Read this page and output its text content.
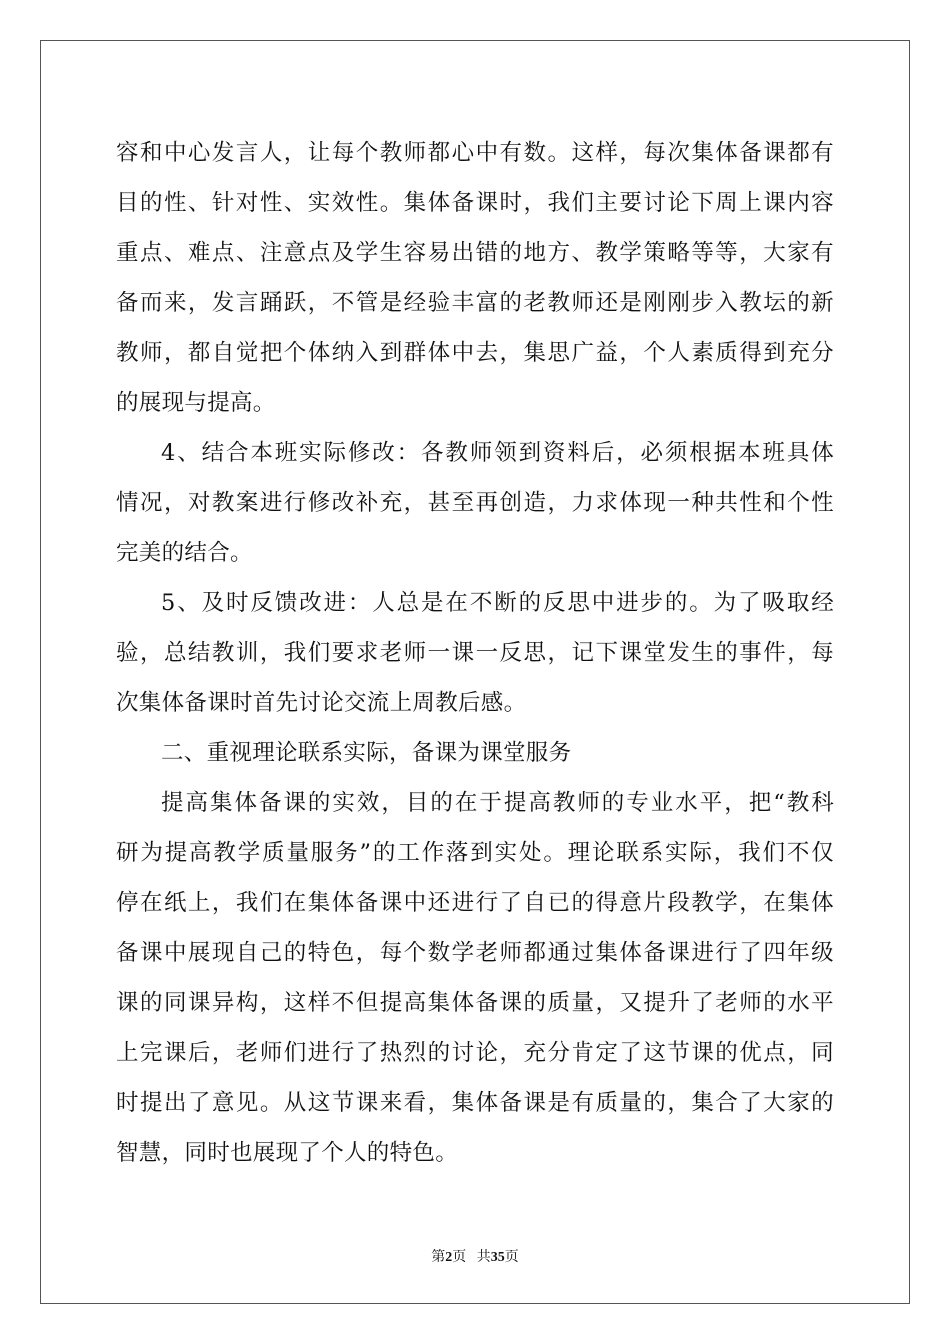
容和中心发言人，让每个教师都心中有数。这样，每次集体备课都有
目的性、针对性、实效性。集体备课时，我们主要讨论下周上课内容
重点、难点、注意点及学生容易出错的地方、教学策略等等，大家有
备而来，发言踊跃，不管是经验丰富的老教师还是刚刚步入教坛的新
教师，都自觉把个体纳入到群体中去，集思广益，个人素质得到充分
的展现与提高。
4、结合本班实际修改：各教师领到资料后，必须根据本班具体
情况，对教案进行修改补充，甚至再创造，力求体现一种共性和个性
完美的结合。
5、及时反馈改进：人总是在不断的反思中进步的。为了吸取经
验，总结教训，我们要求老师一课一反思，记下课堂发生的事件，每
次集体备课时首先讨论交流上周教后感。
二、重视理论联系实际，备课为课堂服务
提高集体备课的实效，目的在于提高教师的专业水平，把“教科
研为提高教学质量服务”的工作落到实处。理论联系实际，我们不仅
停在纸上，我们在集体备课中还进行了自已的得意片段教学，在集体
备课中展现自己的特色，每个数学老师都通过集体备课进行了四年级
课的同课异构，这样不但提高集体备课的质量，又提升了老师的水平
上完课后，老师们进行了热烈的讨论，充分肯定了这节课的优点，同
时提出了意见。从这节课来看，集体备课是有质量的，集合了大家的
智慧，同时也展现了个人的特色。
第2页 共35页
